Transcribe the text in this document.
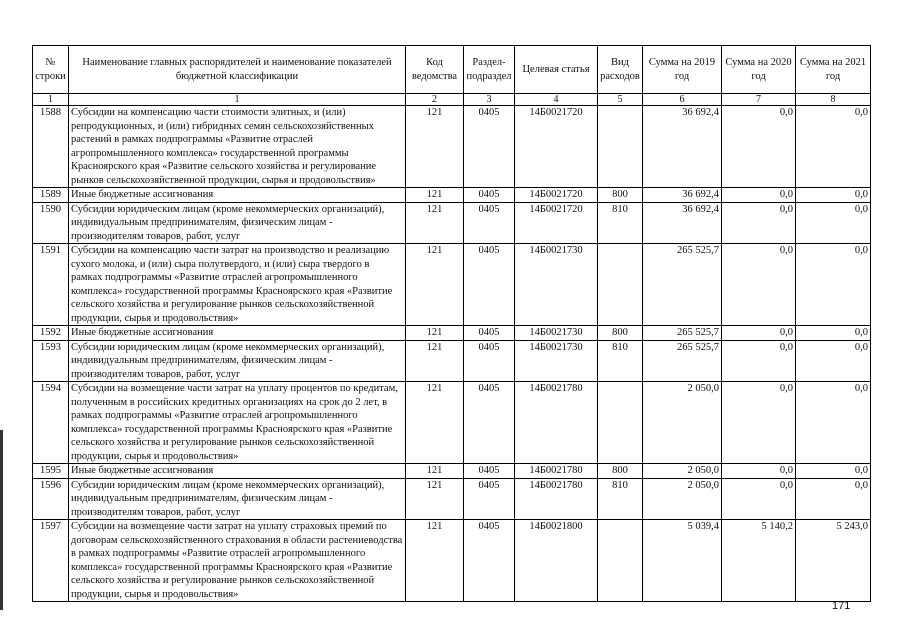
№ строки	Наименование главных распорядителей и наименование показателей бюджетной классификации	Код ведомства	Раздел-подраздел	Целевая статья	Вид расходов	Сумма на 2019 год	Сумма на 2020 год	Сумма на 2021 год
1	1	2	3	4	5	6	7	8
1588	Субсидии на компенсацию части стоимости элитных, и (или) репродукционных, и (или) гибридных семян сельскохозяйственных растений в рамках подпрограммы «Развитие отраслей агропромышленного комплекса» государственной программы Красноярского края «Развитие сельского хозяйства и регулирование рынков сельскохозяйственной продукции, сырья и продовольствия»	121	0405	14Б0021720		36 692,4	0,0	0,0
1589	Иные бюджетные ассигнования	121	0405	14Б0021720	800	36 692,4	0,0	0,0
1590	Субсидии юридическим лицам (кроме некоммерческих организаций), индивидуальным предпринимателям, физическим лицам - производителям товаров, работ, услуг	121	0405	14Б0021720	810	36 692,4	0,0	0,0
1591	Субсидии на компенсацию части затрат на производство и реализацию сухого молока, и (или) сыра полутвердого, и (или) сыра твердого в рамках подпрограммы «Развитие отраслей агропромышленного комплекса» государственной программы Красноярского края «Развитие сельского хозяйства и регулирование рынков сельскохозяйственной продукции, сырья и продовольствия»	121	0405	14Б0021730		265 525,7	0,0	0,0
1592	Иные бюджетные ассигнования	121	0405	14Б0021730	800	265 525,7	0,0	0,0
1593	Субсидии юридическим лицам (кроме некоммерческих организаций), индивидуальным предпринимателям, физическим лицам - производителям товаров, работ, услуг	121	0405	14Б0021730	810	265 525,7	0,0	0,0
1594	Субсидии на возмещение части затрат на уплату процентов по кредитам, полученным в российских кредитных организациях на срок до 2 лет, в рамках подпрограммы «Развитие отраслей агропромышленного комплекса» государственной программы Красноярского края «Развитие сельского хозяйства и регулирование рынков сельскохозяйственной продукции, сырья и продовольствия»	121	0405	14Б0021780		2 050,0	0,0	0,0
1595	Иные бюджетные ассигнования	121	0405	14Б0021780	800	2 050,0	0,0	0,0
1596	Субсидии юридическим лицам (кроме некоммерческих организаций), индивидуальным предпринимателям, физическим лицам - производителям товаров, работ, услуг	121	0405	14Б0021780	810	2 050,0	0,0	0,0
1597	Субсидии на возмещение части затрат на уплату страховых премий по договорам сельскохозяйственного страхования в области растениеводства в рамках подпрограммы «Развитие отраслей агропромышленного комплекса» государственной программы Красноярского края «Развитие сельского хозяйства и регулирование рынков сельскохозяйственной продукции, сырья и продовольствия»	121	0405	14Б0021800		5 039,4	5 140,2	5 243,0
171
